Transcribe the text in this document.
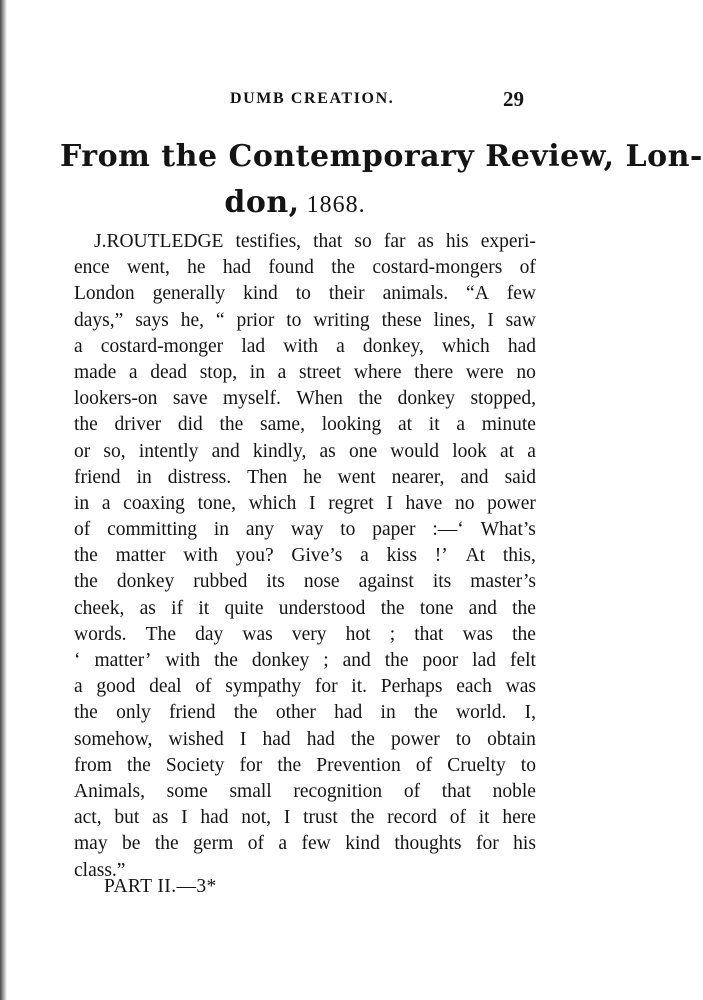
DUMB CREATION.	29
From the Contemporary Review, Lon-
don, 1868.
J.ROUTLEDGE testifies, that so far as his experi-
ence went, he had found the costard-mongers of
London generally kind to their animals. “A few
days,” says he, “ prior to writing these lines, I saw
a costard-monger lad with a donkey, which had
made a dead stop, in a street where there were no
lookers-on save myself. When the donkey stopped,
the driver did the same, looking at it a minute
or so, intently and kindly, as one would look at a
friend in distress. Then he went nearer, and said
in a coaxing tone, which I regret I have no power
of committing in any way to paper :—‘ What’s
the matter with you? Give’s a kiss !’ At this,
the donkey rubbed its nose against its master’s
cheek, as if it quite understood the tone and the
words. The day was very hot ; that was the
‘ matter’ with the donkey ; and the poor lad felt
a good deal of sympathy for it. Perhaps each was
the only friend the other had in the world. I,
somehow, wished I had had the power to obtain
from the Society for the Prevention of Cruelty to
Animals, some small recognition of that noble
act, but as I had not, I trust the record of it here
may be the germ of a few kind thoughts for his
class.”
PART II.—3*
